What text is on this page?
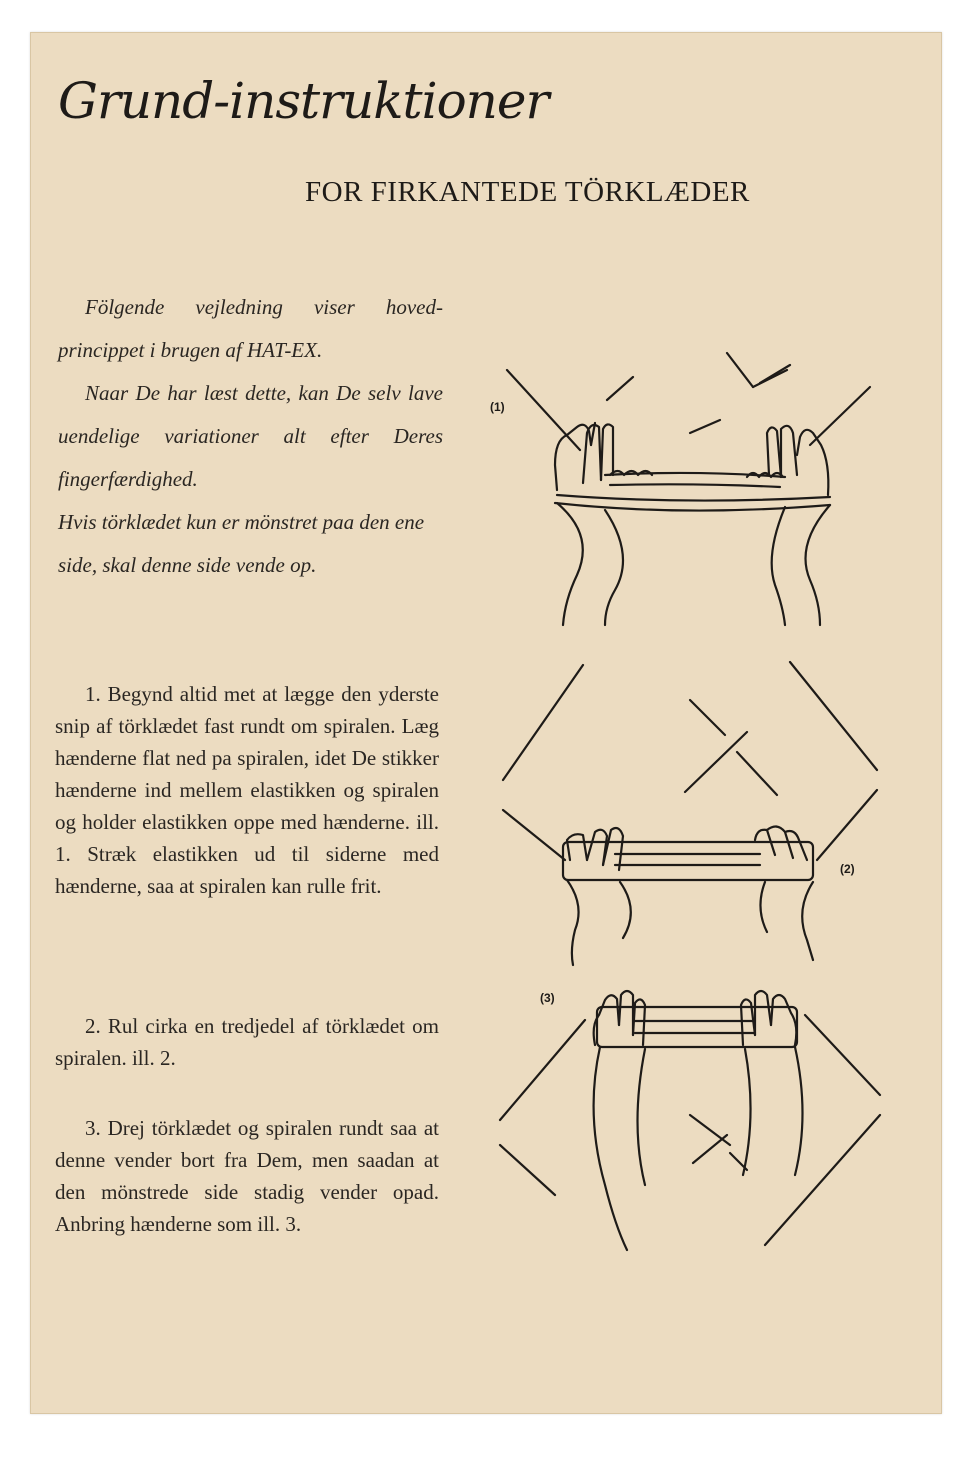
Grund-instruktioner
FOR FIRKANTEDE TÖRKLÆDER

Fölgende vejledning viser hoved-princippet i brugen af HAT-EX.

Naar De har læst dette, kan De selv lave uendelige variationer alt efter Deres fingerfærdighed.

Hvis törklædet kun er mönstret paa den ene side, skal denne side vende op.

1. Begynd altid met at lægge den yderste snip af törklædet fast rundt om spiralen. Læg hænderne flat ned pa spiralen, idet De stikker hænderne ind mellem elastikken og spiralen og holder elastikken oppe med hænderne. ill. 1. Stræk elastikken ud til siderne med hænderne, saa at spiralen kan rulle frit.

2. Rul cirka en tredjedel af törklædet om spiralen. ill. 2.

3. Drej törklædet og spiralen rundt saa at denne vender bort fra Dem, men saadan at den mönstrede side stadig vender opad. Anbring hænderne som ill. 3.

(1)
(2)
(3)
